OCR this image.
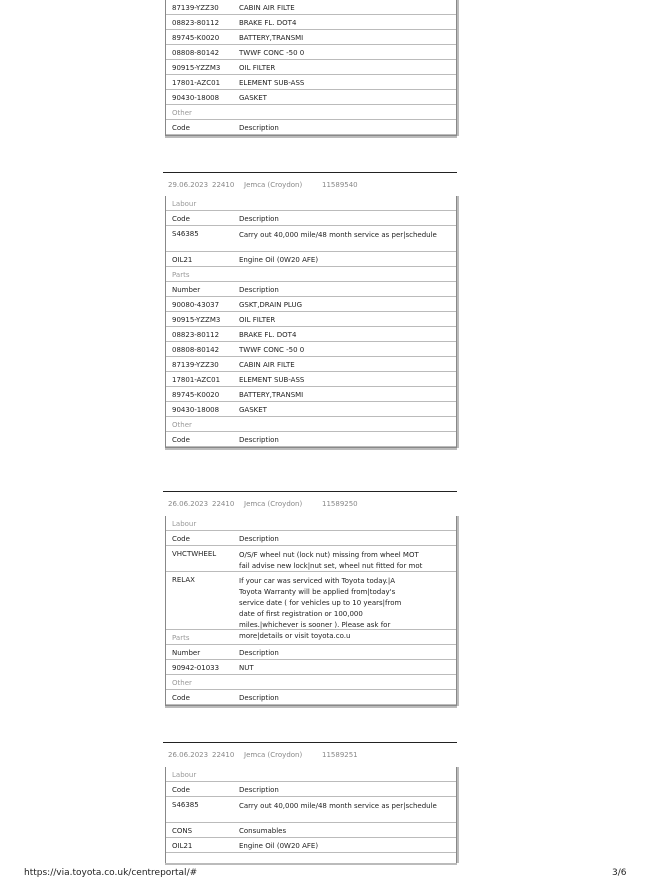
87139-YZZ30	CABIN AIR FILTE
08823-80112	BRAKE FL. DOT4
89745-K0020	BATTERY,TRANSMI
08808-80142	TWWF CONC -50 0
90915-YZZM3	OIL FILTER
17801-AZC01	ELEMENT SUB-ASS
90430-18008	GASKET
Other
Code	Description
29.06.2023 22410 Jemca (Croydon)	11589540
Labour
Code	Description
S46385	Carry out 40,000 mile/48 month service as per|schedule
OIL21	Engine Oil (0W20 AFE)
Parts
Number	Description
90080-43037	GSKT,DRAIN PLUG
90915-YZZM3	OIL FILTER
08823-80112	BRAKE FL. DOT4
08808-80142	TWWF CONC -50 0
87139-YZZ30	CABIN AIR FILTE
17801-AZC01	ELEMENT SUB-ASS
89745-K0020	BATTERY,TRANSMI
90430-18008	GASKET
Other
Code	Description
26.06.2023 22410 Jemca (Croydon)	11589250
Labour
Code	Description
VHCTWHEEL	O/S/F wheel nut (lock nut) missing from wheel MOT fail advise new lock|nut set, wheel nut fitted for mot
RELAX	If your car was serviced with Toyota today.|A Toyota Warranty will be applied from|today's service date ( for vehicles up to 10 years|from date of first registration or 100,000 miles.|whichever is sooner ). Please ask for more|details or visit toyota.co.u
Parts
Number	Description
90942-01033	NUT
Other
Code	Description
26.06.2023 22410 Jemca (Croydon)	11589251
Labour
Code	Description
S46385	Carry out 40,000 mile/48 month service as per|schedule
CONS	Consumables
OIL21	Engine Oil (0W20 AFE)
https://via.toyota.co.uk/centreportal/#	3/6
